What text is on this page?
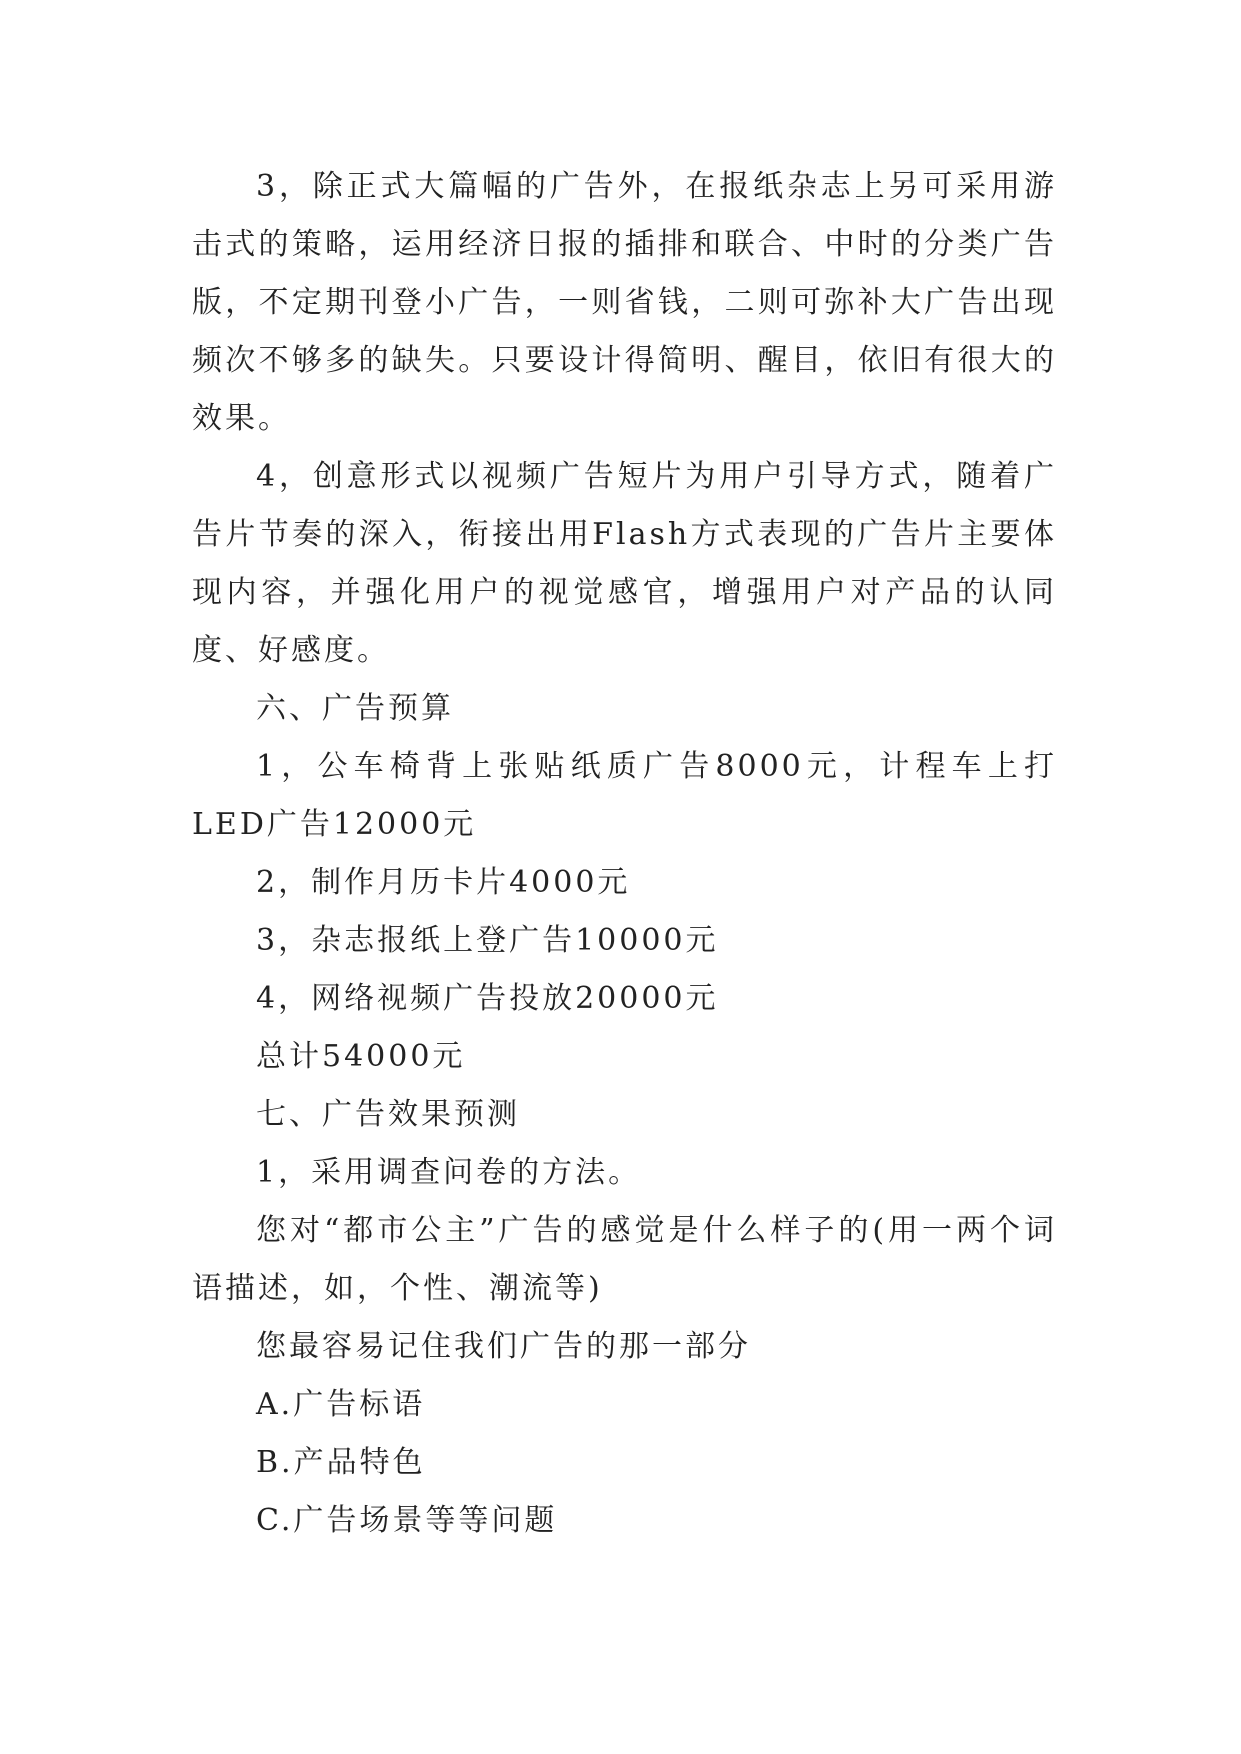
3，除正式大篇幅的广告外，在报纸杂志上另可采用游击式的策略，运用经济日报的插排和联合、中时的分类广告版，不定期刊登小广告，一则省钱，二则可弥补大广告出现频次不够多的缺失。只要设计得简明、醒目，依旧有很大的效果。

4，创意形式以视频广告短片为用户引导方式，随着广告片节奏的深入，衔接出用Flash方式表现的广告片主要体现内容，并强化用户的视觉感官，增强用户对产品的认同度、好感度。

六、广告预算

1，公车椅背上张贴纸质广告8000元，计程车上打LED广告12000元

2，制作月历卡片4000元

3，杂志报纸上登广告10000元

4，网络视频广告投放20000元

总计54000元

七、广告效果预测

1，采用调查问卷的方法。

您对“都市公主”广告的感觉是什么样子的(用一两个词语描述，如，个性、潮流等)

您最容易记住我们广告的那一部分

A.广告标语

B.产品特色

C.广告场景等等问题
